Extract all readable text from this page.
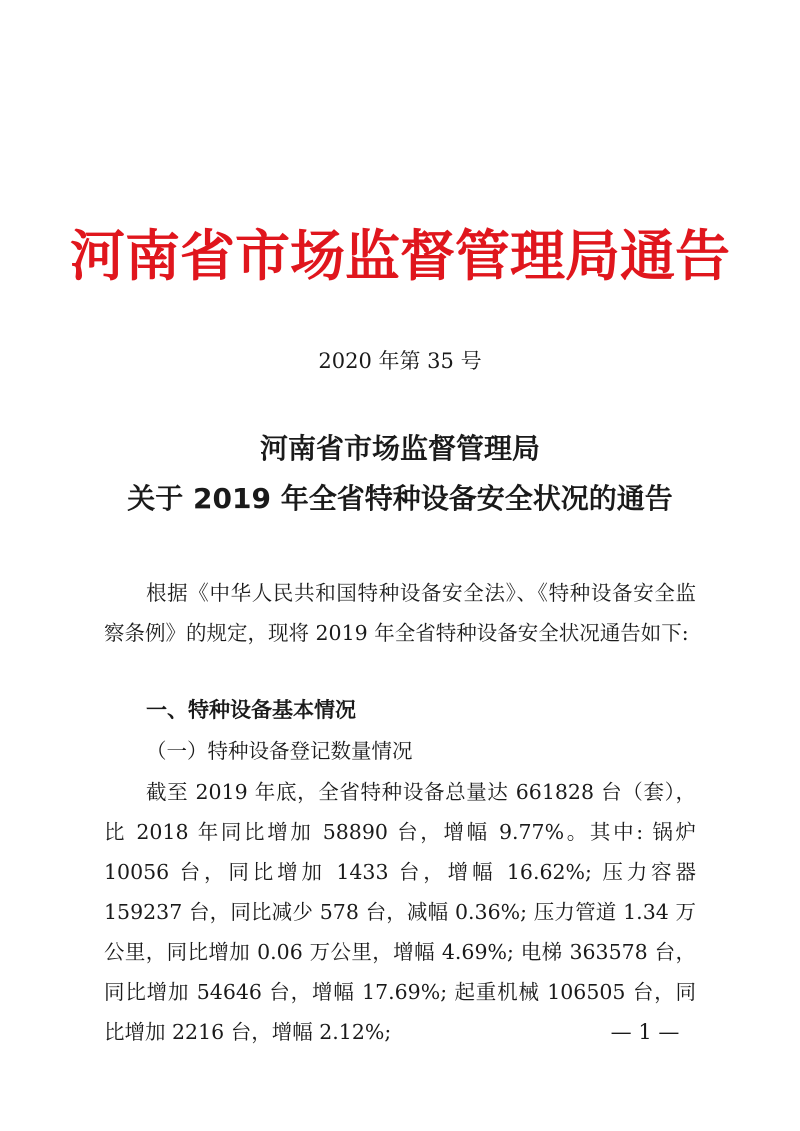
河南省市场监督管理局通告
2020 年第 35 号
河南省市场监督管理局
关于 2019 年全省特种设备安全状况的通告
根据《中华人民共和国特种设备安全法》、《特种设备安全监察条例》的规定，现将 2019 年全省特种设备安全状况通告如下:
一、特种设备基本情况
（一）特种设备登记数量情况
截至 2019 年底，全省特种设备总量达 661828 台（套），比 2018 年同比增加 58890 台，增幅 9.77%。其中: 锅炉 10056 台，同比增加 1433 台，增幅 16.62%; 压力容器 159237 台，同比减少 578 台，减幅 0.36%; 压力管道 1.34 万公里，同比增加 0.06 万公里，增幅 4.69%; 电梯 363578 台，同比增加 54646 台，增幅 17.69%; 起重机械 106505 台，同比增加 2216 台，增幅 2.12%;	— 1 —
